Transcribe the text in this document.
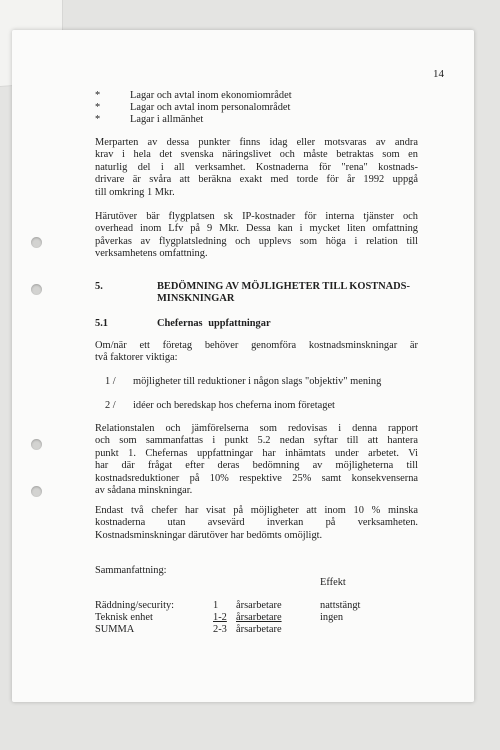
14
*	Lagar och avtal inom ekonomiområdet
*	Lagar och avtal inom personalområdet
*	Lagar i allmänhet
Merparten av dessa punkter finns idag eller motsvaras av andra
krav i hela det svenska näringslivet och måste betraktas som en
naturlig del i all verksamhet. Kostnaderna för "rena" kostnads-
drivare är svåra att beräkna exakt med torde för år 1992 uppgå
till omkring 1 Mkr.
Härutöver bär flygplatsen sk IP-kostnader för interna tjänster och
overhead inom Lfv på 9 Mkr. Dessa kan i mycket liten omfattning
påverkas av flygplatsledning och upplevs som höga i relation till
verksamhetens omfattning.
5.	BEDÖMNING AV MÖJLIGHETER TILL KOSTNADS-
MINSKNINGAR
5.1	Chefernas uppfattningar
Om/när ett företag behöver genomföra kostnadsminskningar är
två faktorer viktiga:
1 / möjligheter till reduktioner i någon slags "objektiv" mening
2 / idéer och beredskap hos cheferna inom företaget
Relationstalen och jämförelserna som redovisas i denna rapport
och som sammanfattas i punkt 5.2 nedan syftar till att hantera
punkt 1. Chefernas uppfattningar har inhämtats under arbetet. Vi
har där frågat efter deras bedömning av möjligheterna till
kostnadsreduktioner på 10% respektive 25% samt konsekvenserna
av sådana minskningar.
Endast två chefer har visat på möjligheter att inom 10 % minska
kostnaderna utan avsevärd inverkan på verksamheten.
Kostnadsminskningar därutöver har bedömts omöjligt.
Sammanfattning:
Effekt
Räddning/security:	1 årsarbetare	nattstängt
Teknisk enhet	1-2 årsarbetare	ingen
SUMMA	2-3 årsarbetare
